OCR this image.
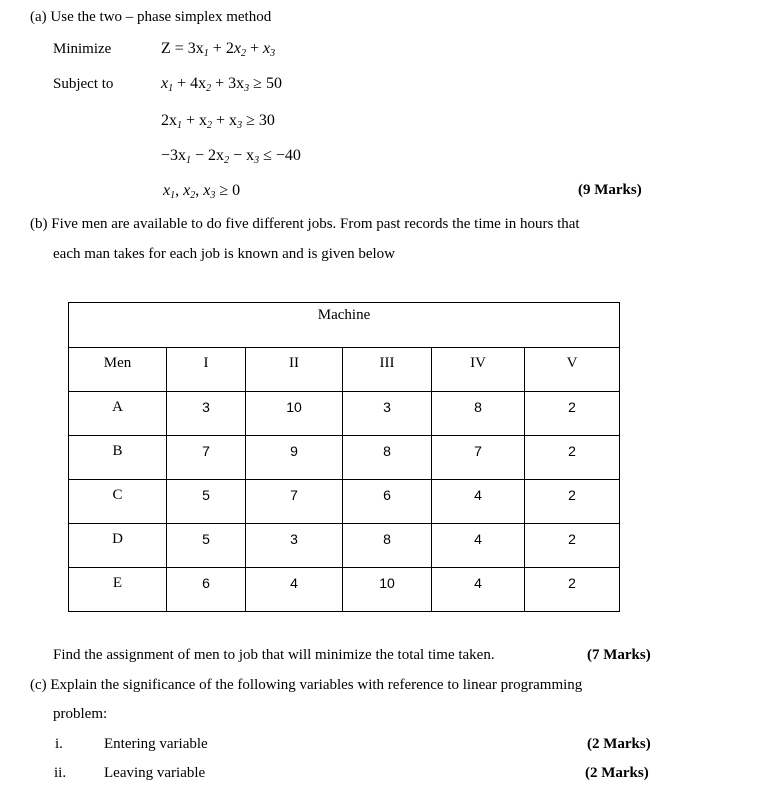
(a) Use the two – phase simplex method
Minimize	$Z = 3x_1 + 2x_2 + x_3$
Subject to	$x_1 + 4x_2 + 3x_3 \ge 50$
$2x_1 + x_2 + x_3 \ge 30$
$-3x_1 - 2x_2 - x_3 \le -40$
$x_1$, $x_2$, $x_3 \ge 0$	(9 Marks)
(b) Five men are available to do five different jobs. From past records the time in hours that
each man takes for each job is known and is given below
Machine					
Men	I	II	III	IV	V
A	3	10	3	8	2
B	7	9	8	7	2
C	5	7	6	4	2
D	5	3	8	4	2
E	6	4	10	4	2
Find the assignment of men to job that will minimize the total time taken.	(7 Marks)
(c) Explain the significance of the following variables with reference to linear programming
problem:
i.	Entering variable	(2 Marks)
ii.	Leaving variable	(2 Marks)
